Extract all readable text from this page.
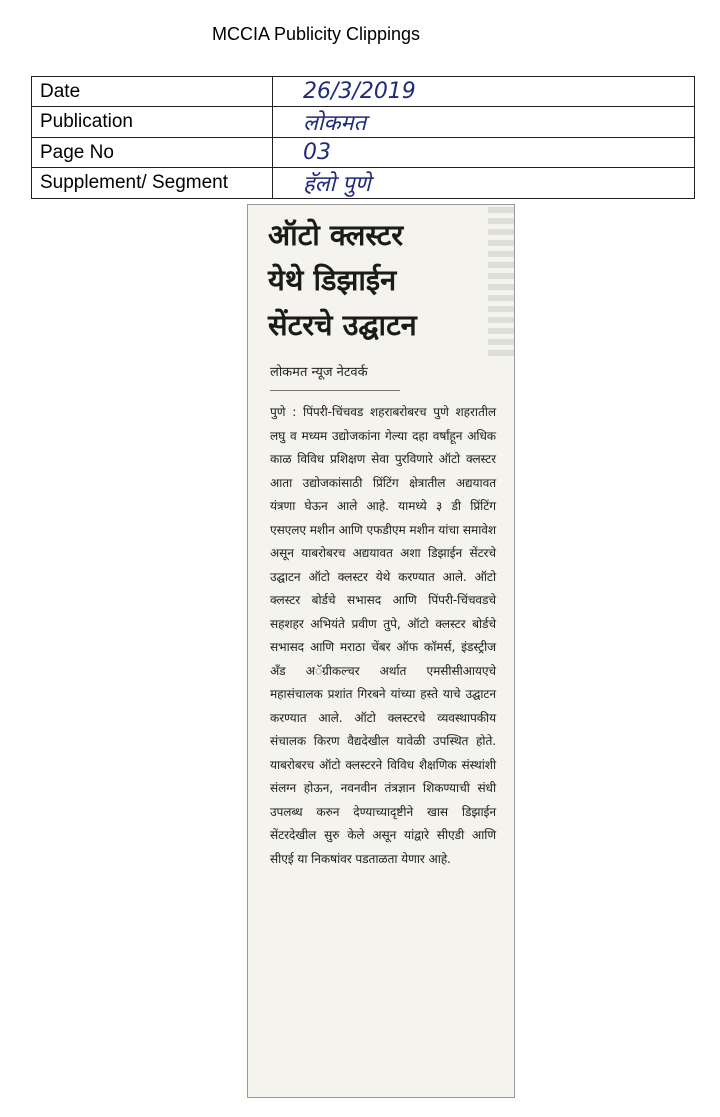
MCCIA Publicity Clippings
Date	26/3/2019
Publication	लोकमत
Page No	03
Supplement/ Segment	हॅलो पुणे
ऑटो क्लस्टर
येथे डिझाईन
सेंटरचे उद्घाटन
लोकमत न्यूज नेटवर्क
पुणे : पिंपरी-चिंचवड शहराबरोबरच पुणे शहरातील लघु व मध्यम उद्योजकांना गेल्या दहा वर्षांहून अधिक काळ विविध प्रशिक्षण सेवा पुरविणारे ऑटो क्लस्टर आता उद्योजकांसाठी प्रिंटिंग क्षेत्रातील अद्ययावत यंत्रणा घेऊन आले आहे. यामध्ये ३ डी प्रिंटिंग एसएलए मशीन आणि एफडीएम मशीन यांचा समावेश असून याबरोबरच अद्ययावत अशा डिझाईन सेंटरचे उद्घाटन ऑटो क्लस्टर येथे करण्यात आले. ऑटो क्लस्टर बोर्डचे सभासद आणि पिंपरी-चिंचवडचे सहशहर अभियंते प्रवीण तुपे, ऑटो क्लस्टर बोर्डचे सभासद आणि मराठा चेंबर ऑफ कॉमर्स, इंडस्ट्रीज अँड अॅग्रीकल्चर अर्थात एमसीसीआयएचे महासंचालक प्रशांत गिरबने यांच्या हस्ते याचे उद्घाटन करण्यात आले. ऑटो क्लस्टरचे व्यवस्थापकीय संचालक किरण वैद्यदेखील यावेळी उपस्थित होते. याबरोबरच ऑटो क्लस्टरने विविध शैक्षणिक संस्थांशी संलग्न होऊन, नवनवीन तंत्रज्ञान शिकण्याची संधी उपलब्ध करुन देण्याच्यादृष्टीने खास डिझाईन सेंटरदेखील सुरु केले असून यांद्वारे सीएडी आणि सीएई या निकषांवर पडताळता येणार आहे.
